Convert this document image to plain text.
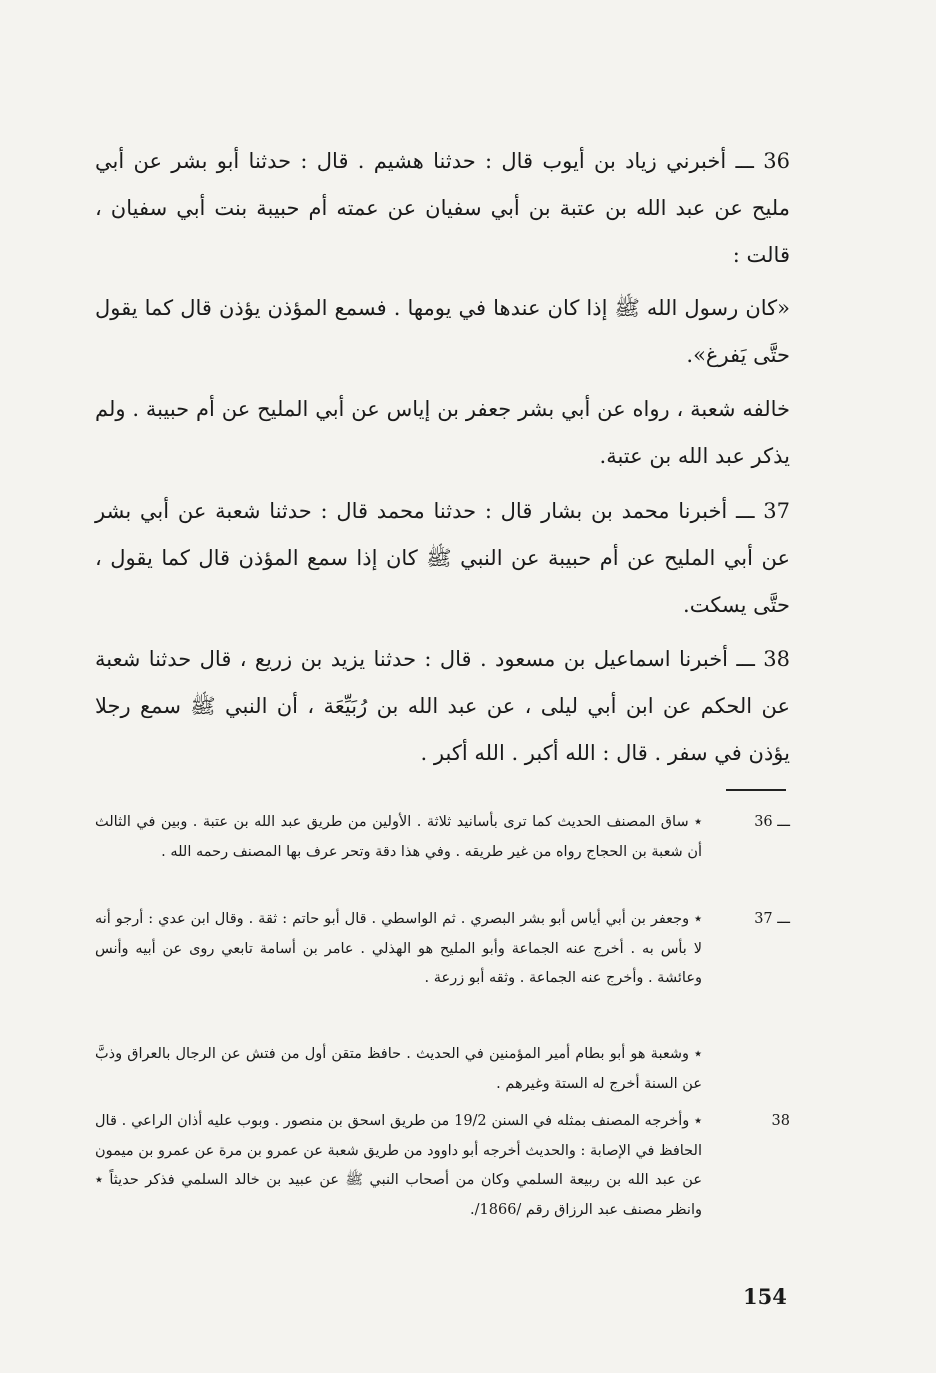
36 ـــ أخبرني زياد بن أيوب قال : حدثنا هشيم . قال : حدثنا أبو بشر عن أبي مليح عن عبد الله بن عتبة بن أبي سفيان عن عمته أم حبيبة بنت أبي سفيان ، قالت :

«كان رسول الله ﷺ إذا كان عندها في يومها . فسمع المؤذن يؤذن قال كما يقول حتَّى يَفرغ».

خالفه شعبة ، رواه عن أبي بشر جعفر بن إياس عن أبي المليح عن أم حبيبة . ولم يذكر عبد الله بن عتبة.

37 ـــ أخبرنا محمد بن بشار قال : حدثنا محمد قال : حدثنا شعبة عن أبي بشر عن أبي المليح عن أم حبيبة عن النبي ﷺ كان إذا سمع المؤذن قال كما يقول ، حتَّى يسكت.

38 ـــ أخبرنا اسماعيل بن مسعود . قال : حدثنا يزيد بن زريع ، قال حدثنا شعبة عن الحكم عن ابن أبي ليلى ، عن عبد الله بن رُبَيِّعَة ، أن النبي ﷺ سمع رجلا يؤذن في سفر . قال : الله أكبر . الله أكبر .

36 ـــ
٭ ساق المصنف الحديث كما ترى بأسانيد ثلاثة . الأولين من طريق عبد الله بن عتبة . وبين في الثالث أن شعبة بن الحجاج رواه من غير طريقه . وفي هذا دقة وتحر عرف بها المصنف رحمه الله .
37 ـــ
٭ وجعفر بن أبي أياس أبو بشر البصري . ثم الواسطي . قال أبو حاتم : ثقة . وقال ابن عدي : أرجو أنه لا بأس به . أخرج عنه الجماعة وأبو المليح هو الهذلي . عامر بن أسامة تابعي روى عن أبيه وأنس وعائشة . وأخرج عنه الجماعة . وثقه أبو زرعة .
٭ وشعبة هو أبو بطام أمير المؤمنين في الحديث . حافظ متقن أول من فتش عن الرجال بالعراق وذبَّ عن السنة أخرج له الستة وغيرهم .
38
٭ وأخرجه المصنف بمثله في السنن 19/2 من طريق اسحق بن منصور . وبوب عليه أذان الراعي . قال الحافظ في الإصابة : والحديث أخرجه أبو داوود من طريق شعبة عن عمرو بن مرة عن عمرو بن ميمون عن عبد الله بن ربيعة السلمي وكان من أصحاب النبي ﷺ عن عبيد بن خالد السلمي فذكر حديثاً ٭ وانظر مصنف عبد الرزاق رقم /1866/.
154
